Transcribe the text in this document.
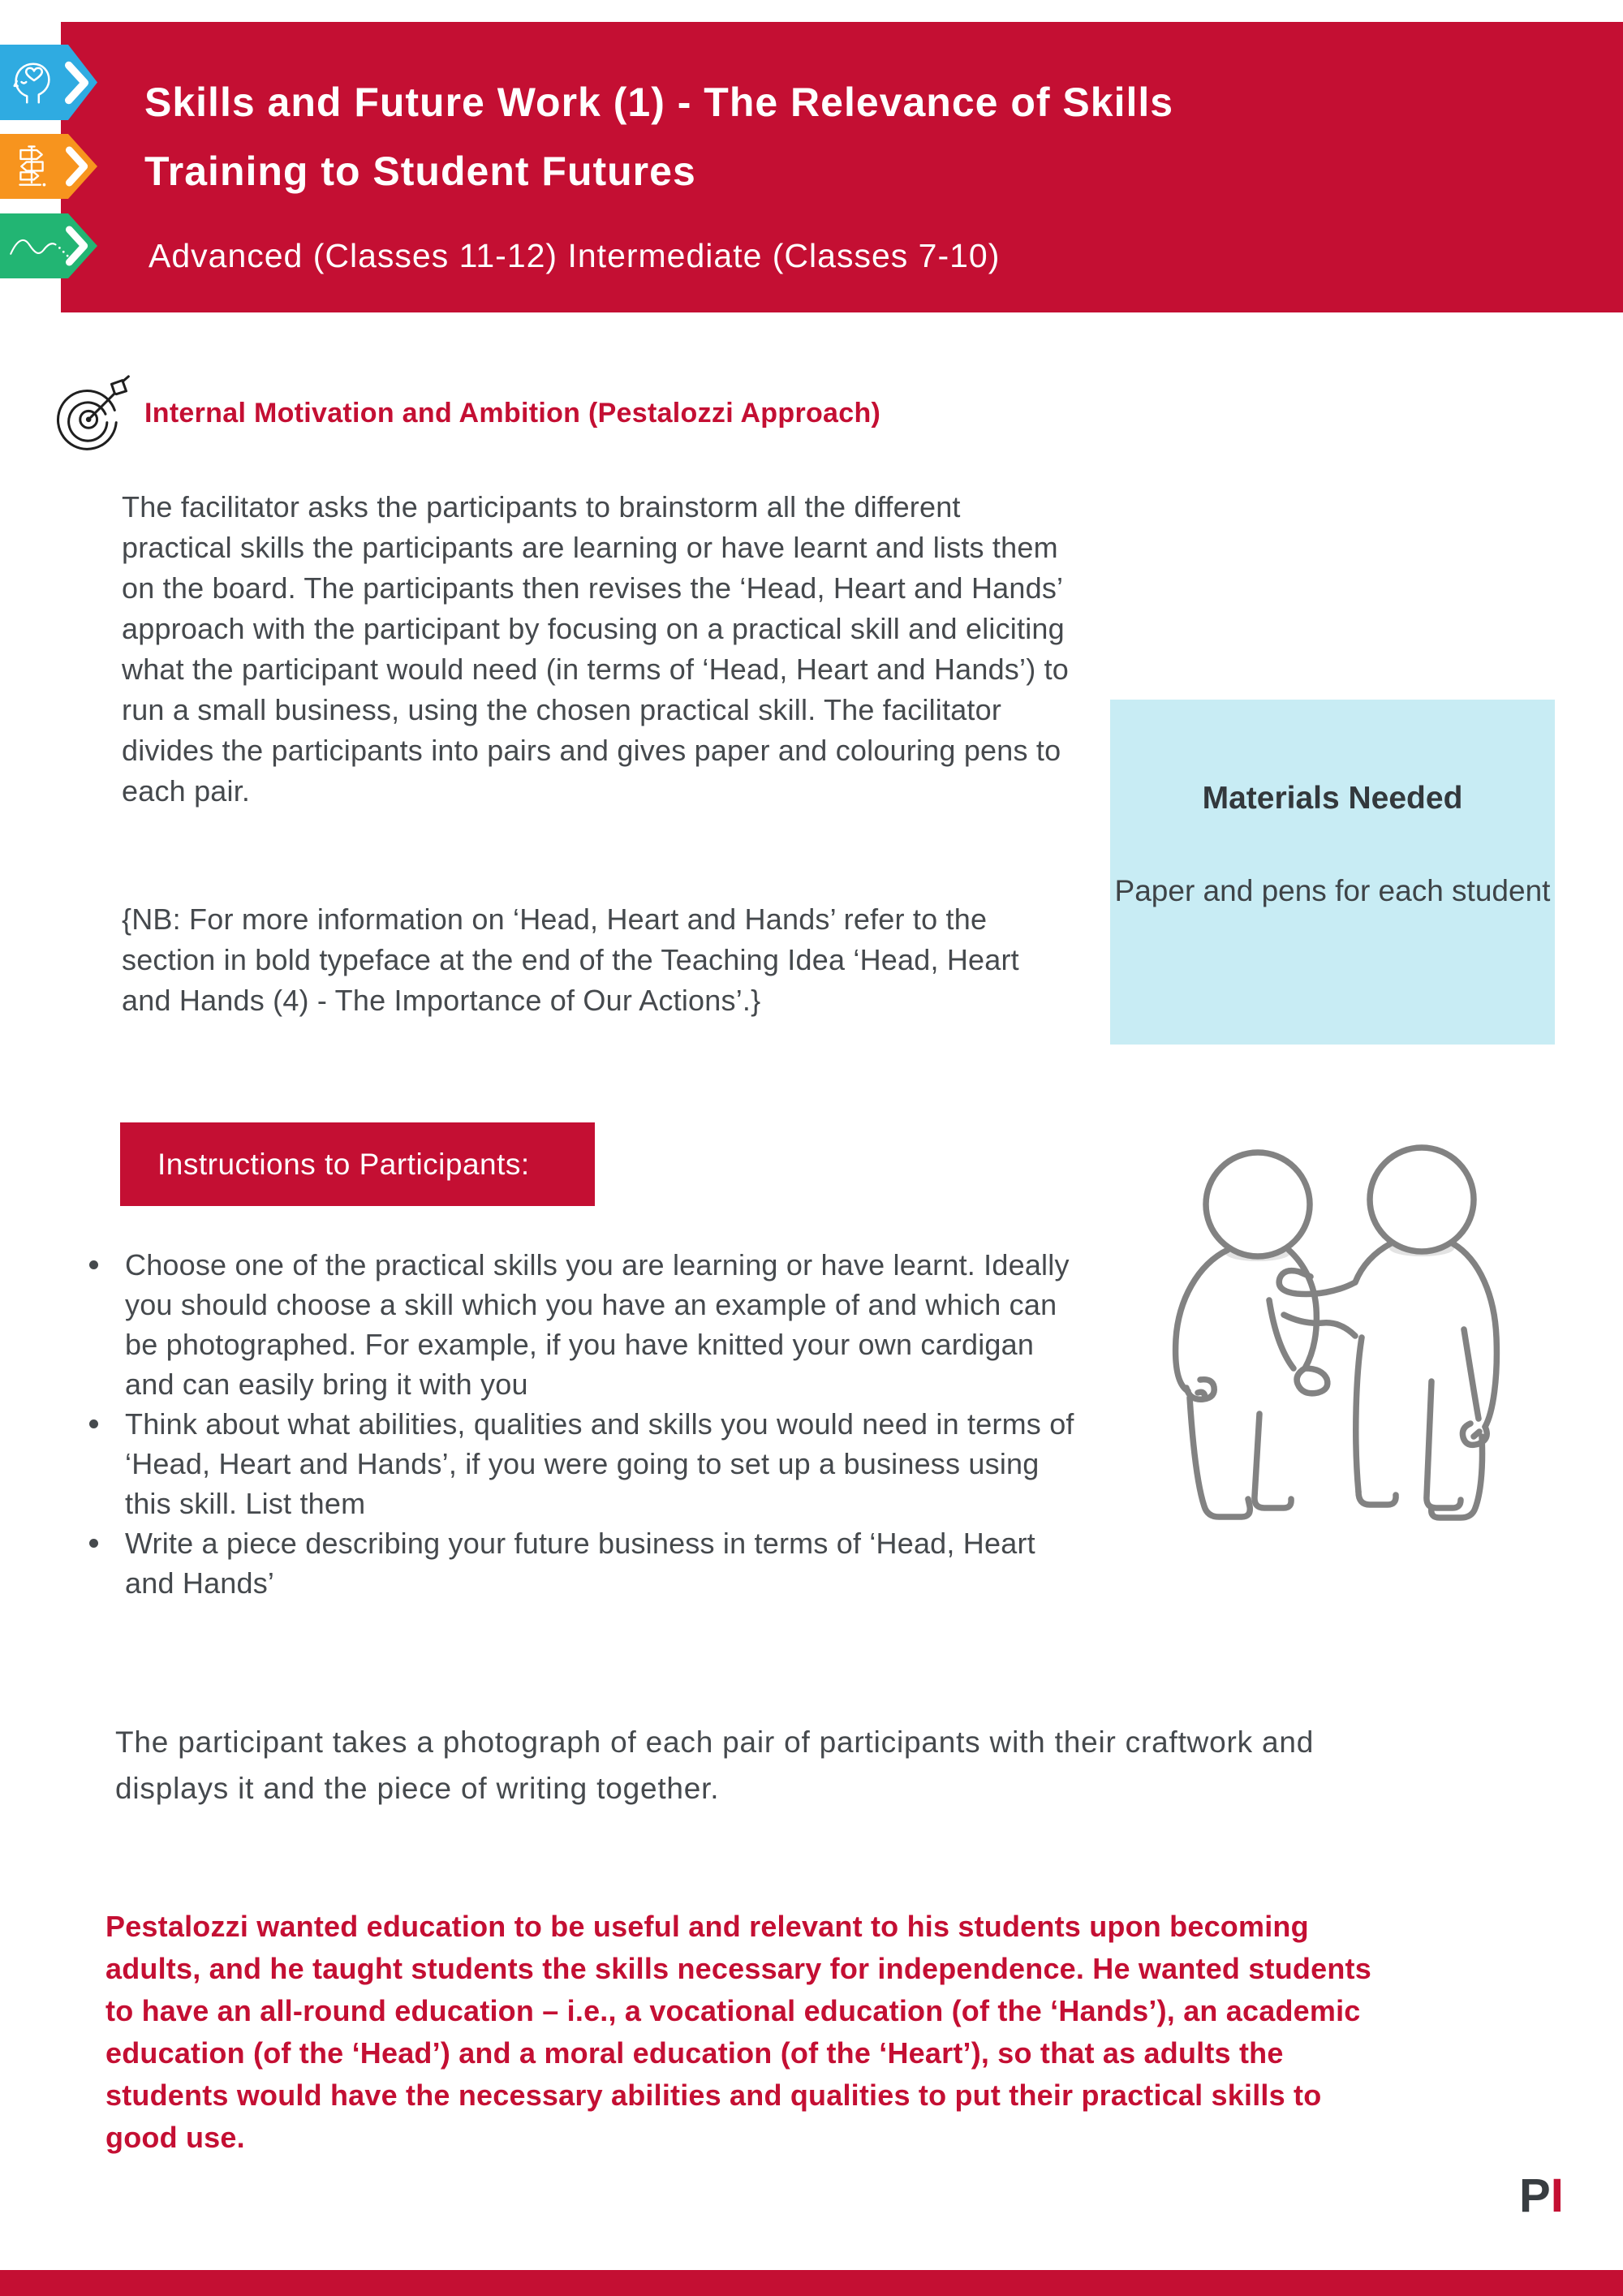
Skills and Future Work (1) - The Relevance of Skills
Training to Student Futures
Advanced (Classes 11-12) Intermediate (Classes 7-10)
Internal Motivation and Ambition (Pestalozzi Approach)

The facilitator asks the participants to brainstorm all the different practical skills the participants are learning or have learnt and lists them on the board. The participants then revises the ‘Head, Heart and Hands’ approach with the participant by focusing on a practical skill and eliciting what the participant would need (in terms of ‘Head, Heart and Hands’) to run a small business, using the chosen practical skill. The facilitator divides the participants into pairs and gives paper and colouring pens to each pair.

{NB: For more information on ‘Head, Heart and Hands’ refer to the section in bold typeface at the end of the Teaching Idea ‘Head, Heart and Hands (4) - The Importance of Our Actions’.}

Materials Needed
Paper and pens for each student
Instructions to Participants:
Choose one of the practical skills you are learning or have learnt. Ideally you should choose a skill which you have an example of and which can be photographed. For example, if you have knitted your own cardigan and can easily bring it with you
Think about what abilities, qualities and skills you would need in terms of ‘Head, Heart and Hands’, if you were going to set up a business using this skill. List them
Write a piece describing your future business in terms of ‘Head, Heart and Hands’

The participant takes a photograph of each pair of participants with their craftwork and displays it and the piece of writing together.

Pestalozzi wanted education to be useful and relevant to his students upon becoming adults, and he taught students the skills necessary for independence. He wanted students to have an all-round education – i.e., a vocational education (of the ‘Hands’), an academic education (of the ‘Head’) and a moral education (of the ‘Heart’), so that as adults the students would have the necessary abilities and qualities to put their practical skills to good use.

PI
